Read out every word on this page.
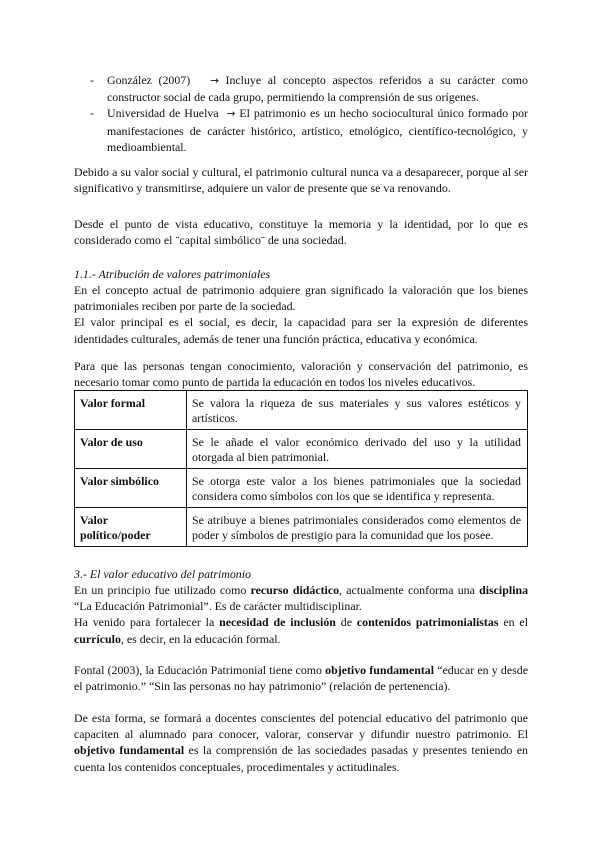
- González (2007) → Incluye al concepto aspectos referidos a su carácter como constructor social de cada grupo, permitiendo la comprensión de sus orígenes.
- Universidad de Huelva → El patrimonio es un hecho sociocultural único formado por manifestaciones de carácter histórico, artístico, etnológico, científico-tecnológico, y medioambiental.

Debido a su valor social y cultural, el patrimonio cultural nunca va a desaparecer, porque al ser significativo y transmitirse, adquiere un valor de presente que se va renovando.

Desde el punto de vista educativo, constituye la memoria y la identidad, por lo que es considerado como el ¨capital simbólico¨ de una sociedad.

1.1.- Atribución de valores patrimoniales

En el concepto actual de patrimonio adquiere gran significado la valoración que los bienes patrimoniales reciben por parte de la sociedad.

El valor principal es el social, es decir, la capacidad para ser la expresión de diferentes identidades culturales, además de tener una función práctica, educativa y económica.

Para que las personas tengan conocimiento, valoración y conservación del patrimonio, es necesario tomar como punto de partida la educación en todos los niveles educativos.

Valor formal	Se valora la riqueza de sus materiales y sus valores estéticos y artísticos.
Valor de uso	Se le añade el valor económico derivado del uso y la utilidad otorgada al bien patrimonial.
Valor simbólico	Se otorga este valor a los bienes patrimoniales que la sociedad considera como símbolos con los que se identifica y representa.
Valor político/poder	Se atribuye a bienes patrimoniales considerados como elementos de poder y símbolos de prestigio para la comunidad que los posee.
3.- El valor educativo del patrimonio

En un principio fue utilizado como recurso didáctico, actualmente conforma una disciplina “La Educación Patrimonial”. Es de carácter multidisciplinar.

Ha venido para fortalecer la necesidad de inclusión de contenidos patrimonialistas en el currículo, es decir, en la educación formal.

Fontal (2003), la Educación Patrimonial tiene como objetivo fundamental “educar en y desde el patrimonio.” “Sin las personas no hay patrimonio” (relación de pertenencia).

De esta forma, se formará a docentes conscientes del potencial educativo del patrimonio que capaciten al alumnado para conocer, valorar, conservar y difundir nuestro patrimonio. El objetivo fundamental es la comprensión de las sociedades pasadas y presentes teniendo en cuenta los contenidos conceptuales, procedimentales y actitudinales.
